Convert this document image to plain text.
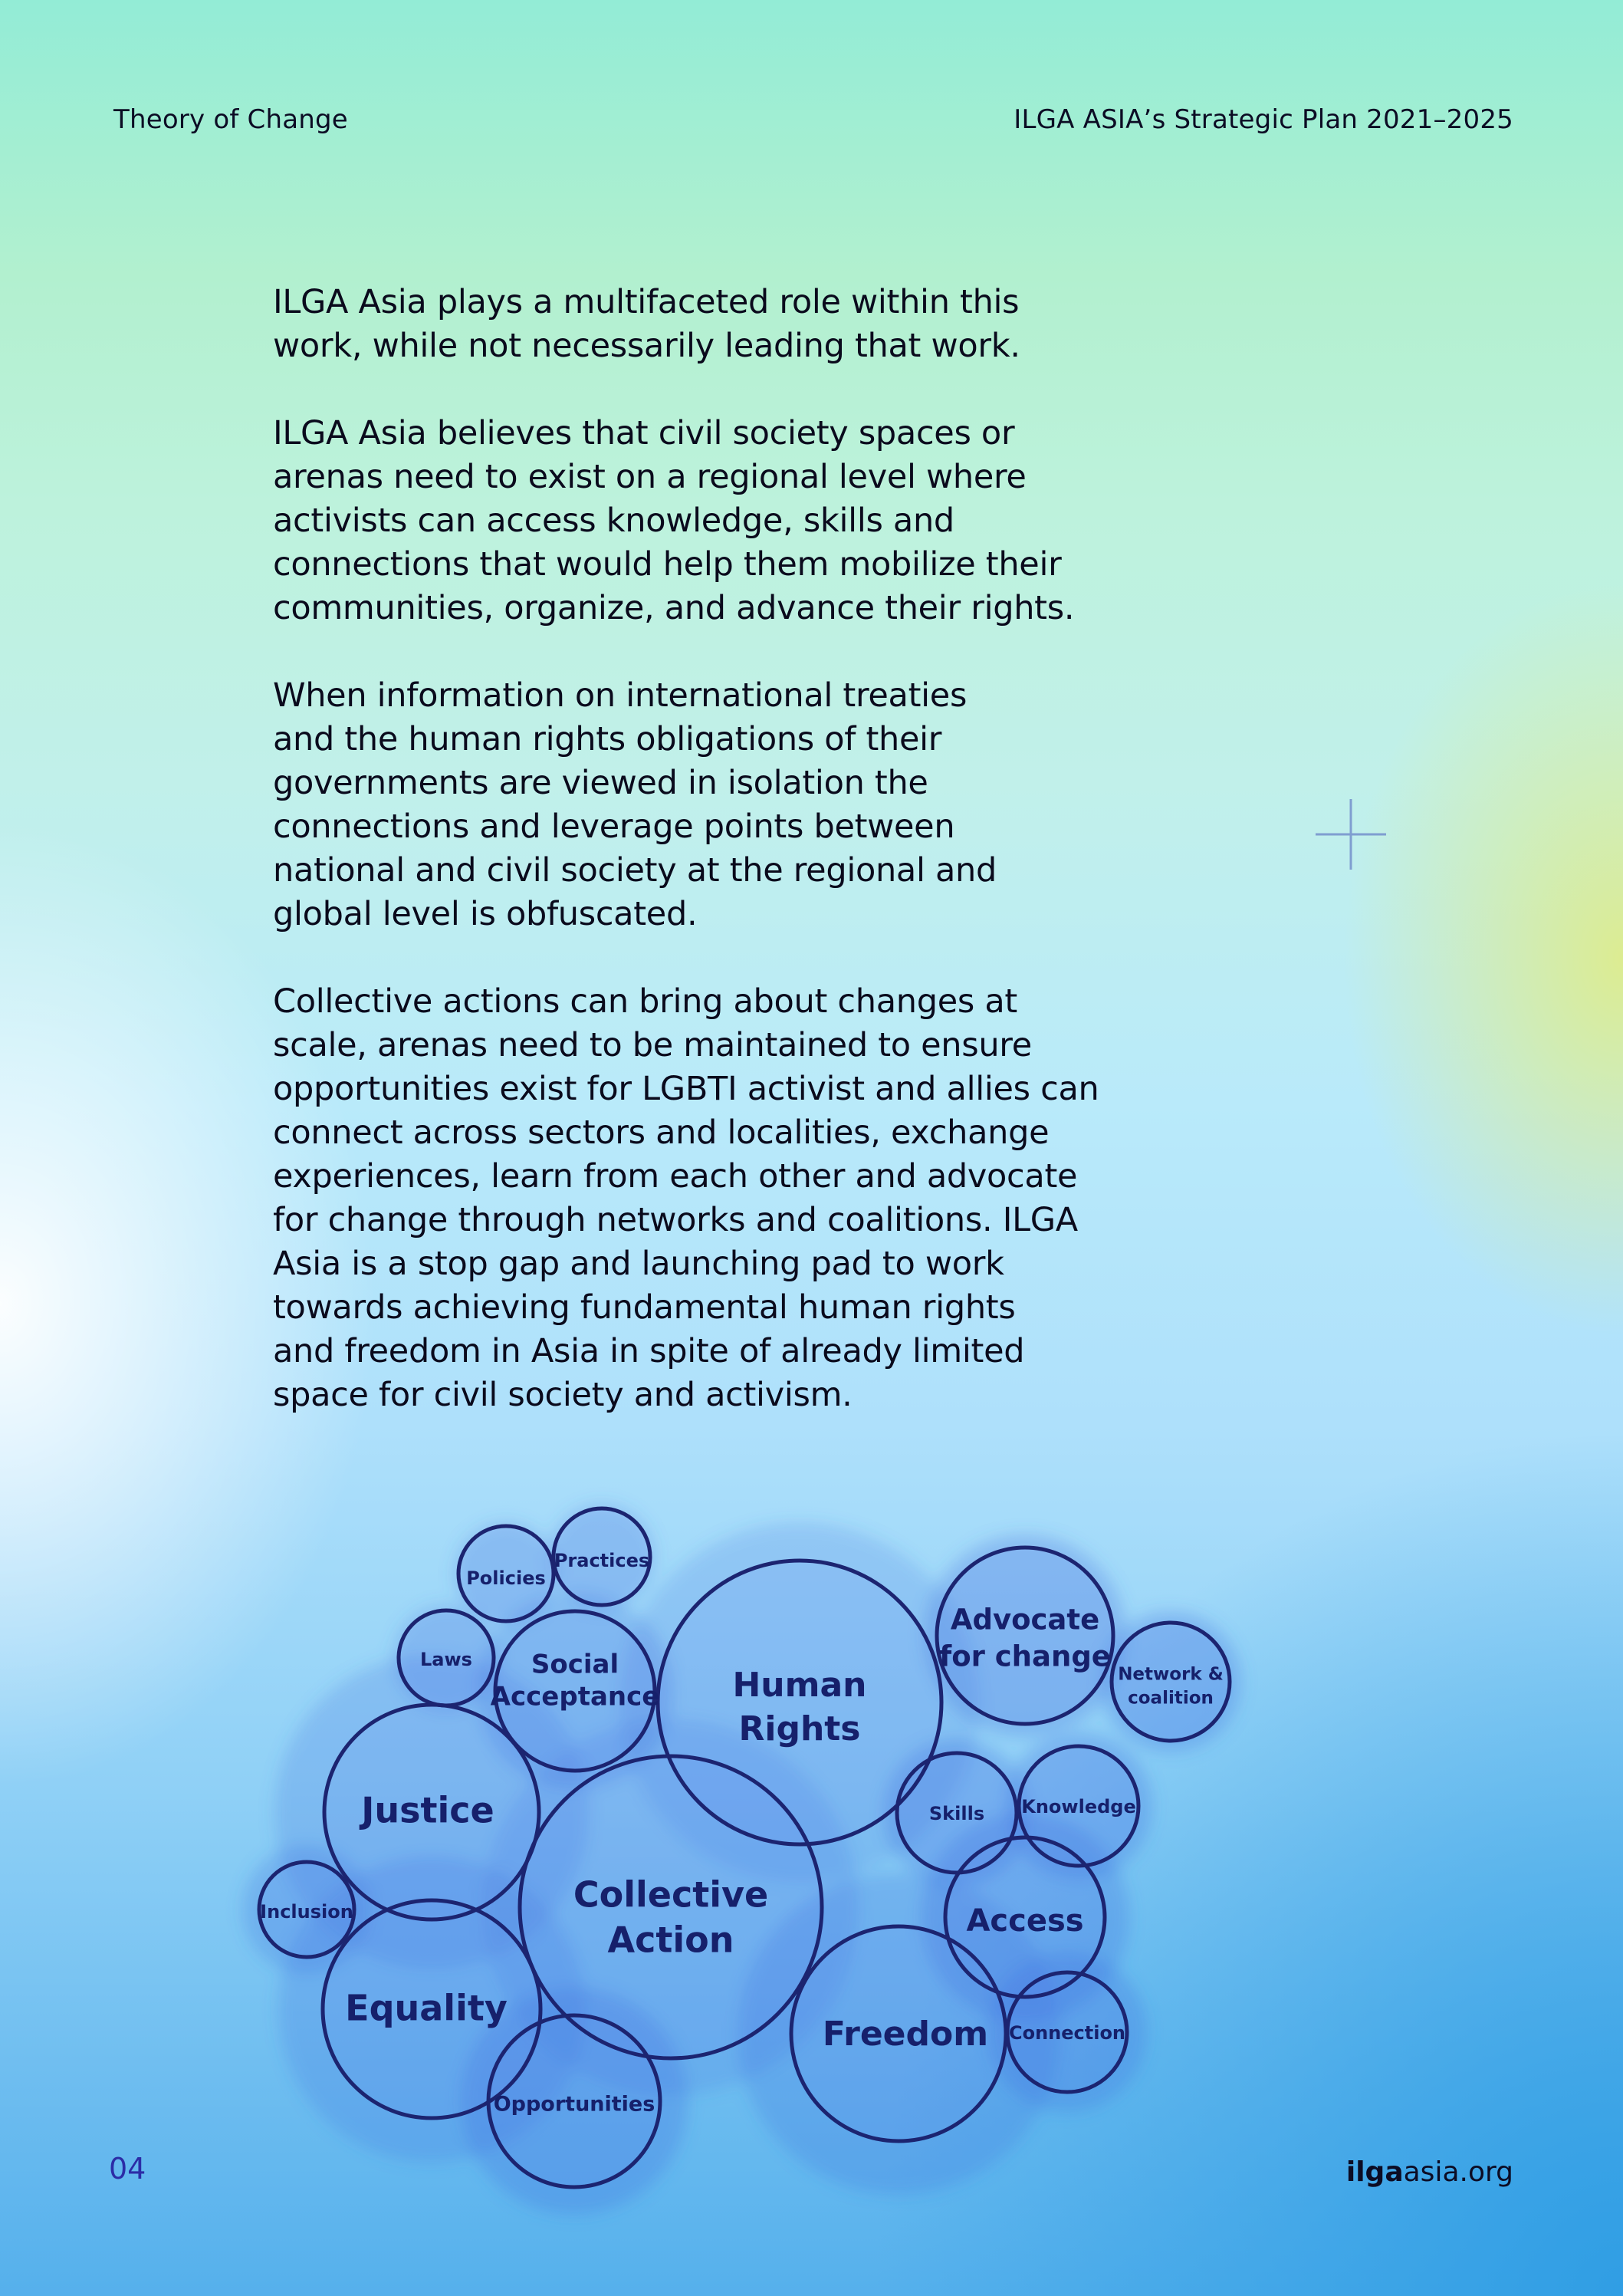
Theory of Change	ILGA ASIA’s Strategic Plan 2021–2025

ILGA Asia plays a multifaceted role within this
work, while not necessarily leading that work.

ILGA Asia believes that civil society spaces or
arenas need to exist on a regional level where
activists can access knowledge, skills and
connections that would help them mobilize their
communities, organize, and advance their rights.

When information on international treaties
and the human rights obligations of their
governments are viewed in isolation the
connections and leverage points between
national and civil society at the regional and
global level is obfuscated.

Collective actions can bring about changes at
scale, arenas need to be maintained to ensure
opportunities exist for LGBTI activist and allies can
connect across sectors and localities, exchange
experiences, learn from each other and advocate
for change through networks and coalitions. ILGA
Asia is a stop gap and launching pad to work
towards achieving fundamental human rights
and freedom in Asia in spite of already limited
space for civil society and activism.

Policies
Practices
Laws Social
Acceptance Human
Rights
Advocate
for change
Network &
coalition
Justice	Skills Knowledge
Inclusion	Collective
Action	Access
Equality
Freedom Connection
Opportunities
04	ilgaasia.org
